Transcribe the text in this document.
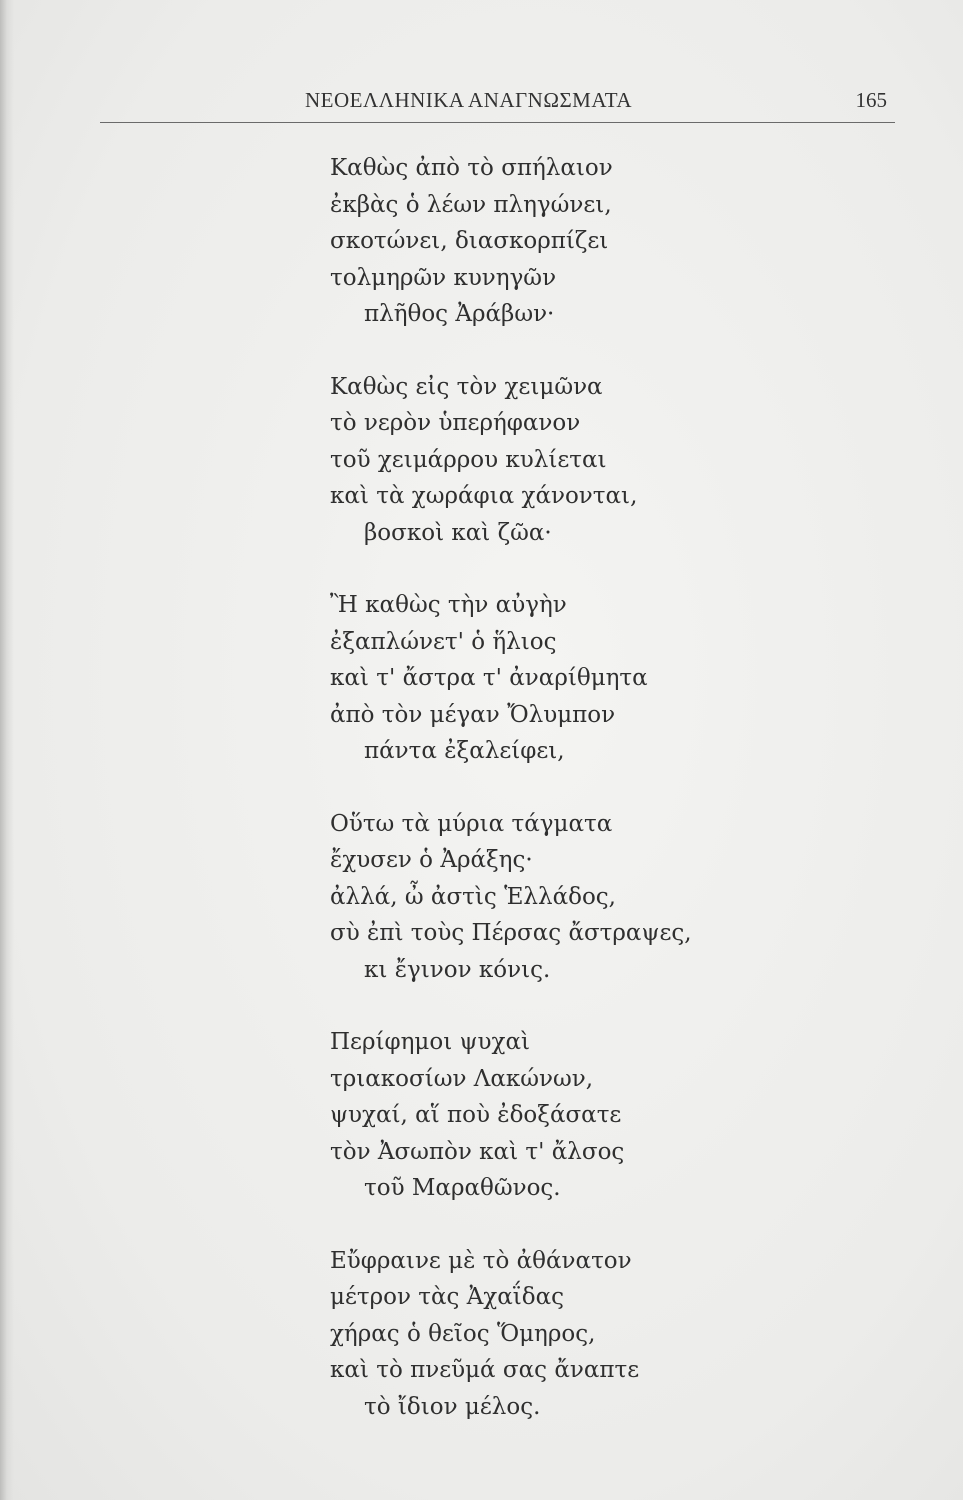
ΝΕΟΕΛΛΗΝΙΚΑ ΑΝΑΓΝΩΣΜΑΤΑ	165
Καθὼς ἀπὸ τὸ σπήλαιον
ἐκβὰς ὁ λέων πληγώνει,
σκοτώνει, διασκορπίζει
τολμηρῶν κυνηγῶν
πλῆθος Ἀράβων·
Καθὼς εἰς τὸν χειμῶνα
τὸ νερὸν ὑπερήφανον
τοῦ χειμάρρου κυλίεται
καὶ τὰ χωράφια χάνονται,
βοσκοὶ καὶ ζῶα·
Ἢ καθὼς τὴν αὐγὴν
ἐξαπλώνετ' ὁ ἥλιος
καὶ τ' ἄστρα τ' ἀναρίθμητα
ἀπὸ τὸν μέγαν Ὄλυμπον
πάντα ἐξαλείφει,
Οὕτω τὰ μύρια τάγματα
ἔχυσεν ὁ Ἀράξης·
ἀλλά, ὦ ἀστὶς Ἑλλάδος,
σὺ ἐπὶ τοὺς Πέρσας ἄστραψες,
κι ἔγινον κόνις.
Περίφημοι ψυχαὶ
τριακοσίων Λακώνων,
ψυχαί, αἵ ποὺ ἐδοξάσατε
τὸν Ἀσωπὸν καὶ τ' ἄλσος
τοῦ Μαραθῶνος.
Εὔφραινε μὲ τὸ ἀθάνατον
μέτρον τὰς Ἀχαΐδας
χήρας ὁ θεῖος Ὅμηρος,
καὶ τὸ πνεῦμά σας ἄναπτε
τὸ ἴδιον μέλος.
